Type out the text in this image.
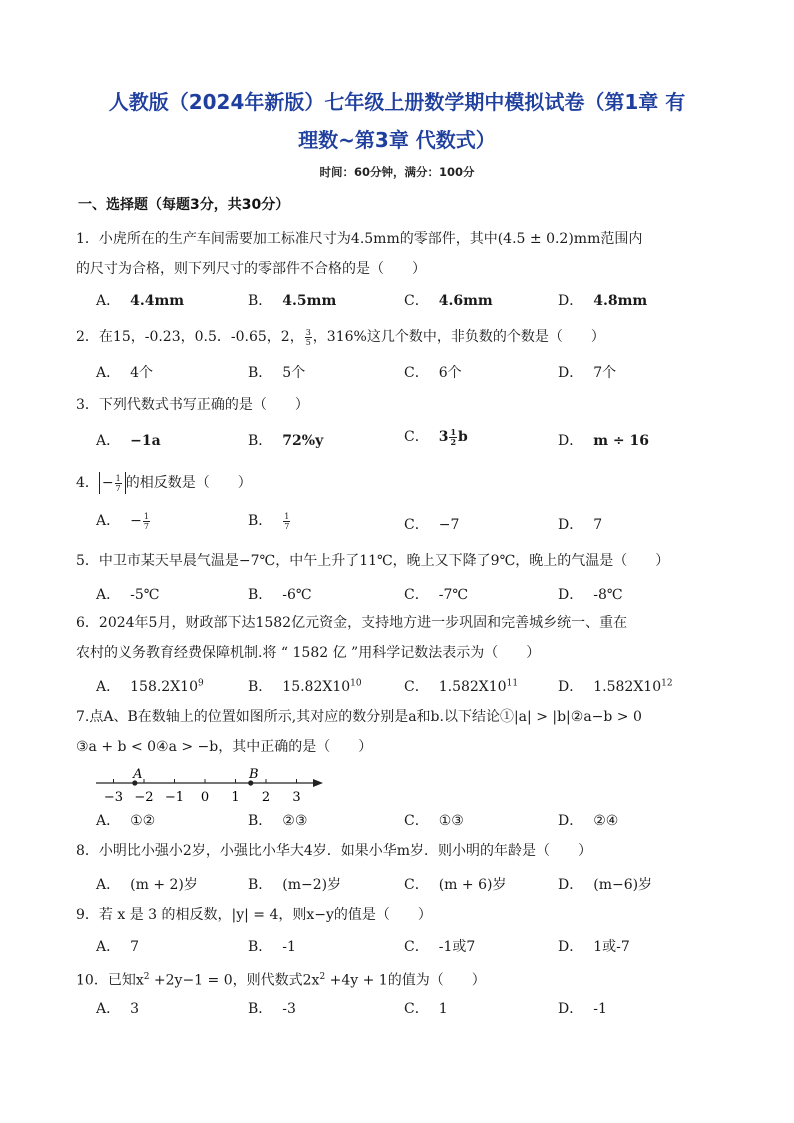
人教版（2024年新版）七年级上册数学期中模拟试卷（第1章 有
理数~第3章 代数式）
时间：60分钟，满分：100分
一、选择题（每题3分，共30分）
1．小虎所在的生产车间需要加工标准尺寸为4.5mm的零部件，其中(4.5 ± 0.2)mm范围内
的尺寸为合格，则下列尺寸的零部件不合格的是（　　）
A． 4.4mm	B． 4.5mm	C． 4.6mm	D． 4.8mm
2．在15，-0.23，0.5．-0.65，2， $\frac{3}{5}$ ，316%这几个数中，非负数的个数是（　　）
A． 4个	B． 5个	C． 6个	D． 7个
3．下列代数式书写正确的是（　　）
A． −1a	B． 72%y	C． $3 \frac{1}{2}$ b	D． m ÷ 16
4． − $\frac{1}{7}$ 的相反数是（　　）
A． − $\frac{1}{7}$	B． $\frac{1}{7}$	C． −7	D． 7
5．中卫市某天早晨气温是−7℃，中午上升了11℃，晚上又下降了9℃，晚上的气温是（　　）
A． -5℃	B． -6℃	C． -7℃	D． -8℃
6．2024年5月，财政部下达1582亿元资金，支持地方进一步巩固和完善城乡统一、重在
农村的义务教育经费保障机制.将 “ 1582 亿 ”用科学记数法表示为（　　）
A． $158.2X10^9$	B． $15.82X10^{10}$	C． $1.582X10^{11}$	D． $1.582X10^{12}$
7.点A、B在数轴上的位置如图所示,其对应的数分别是a和b.以下结论①|a| > |b|②a−b > 0
③a + b < 0④a > −b，其中正确的是（　　）
−3 −2 −1 0 1 2 3
A	B
A． ①②	B． ②③	C． ①③	D． ②④
8．小明比小强小2岁，小强比小华大4岁．如果小华m岁．则小明的年龄是（　　）
A． (m + 2)岁	B． (m−2)岁	C． (m + 6)岁	D． (m−6)岁
9．若 x 是 3 的相反数，|y| = 4，则x−y的值是（　　）
A． 7	B． -1	C． -1或7	D． 1或-7
10．已知$x^2 +2y-1 = 0$，则代数式$2x^2 +4y + 1$的值为（　　）
A． 3	B． -3	C． 1	D． -1
